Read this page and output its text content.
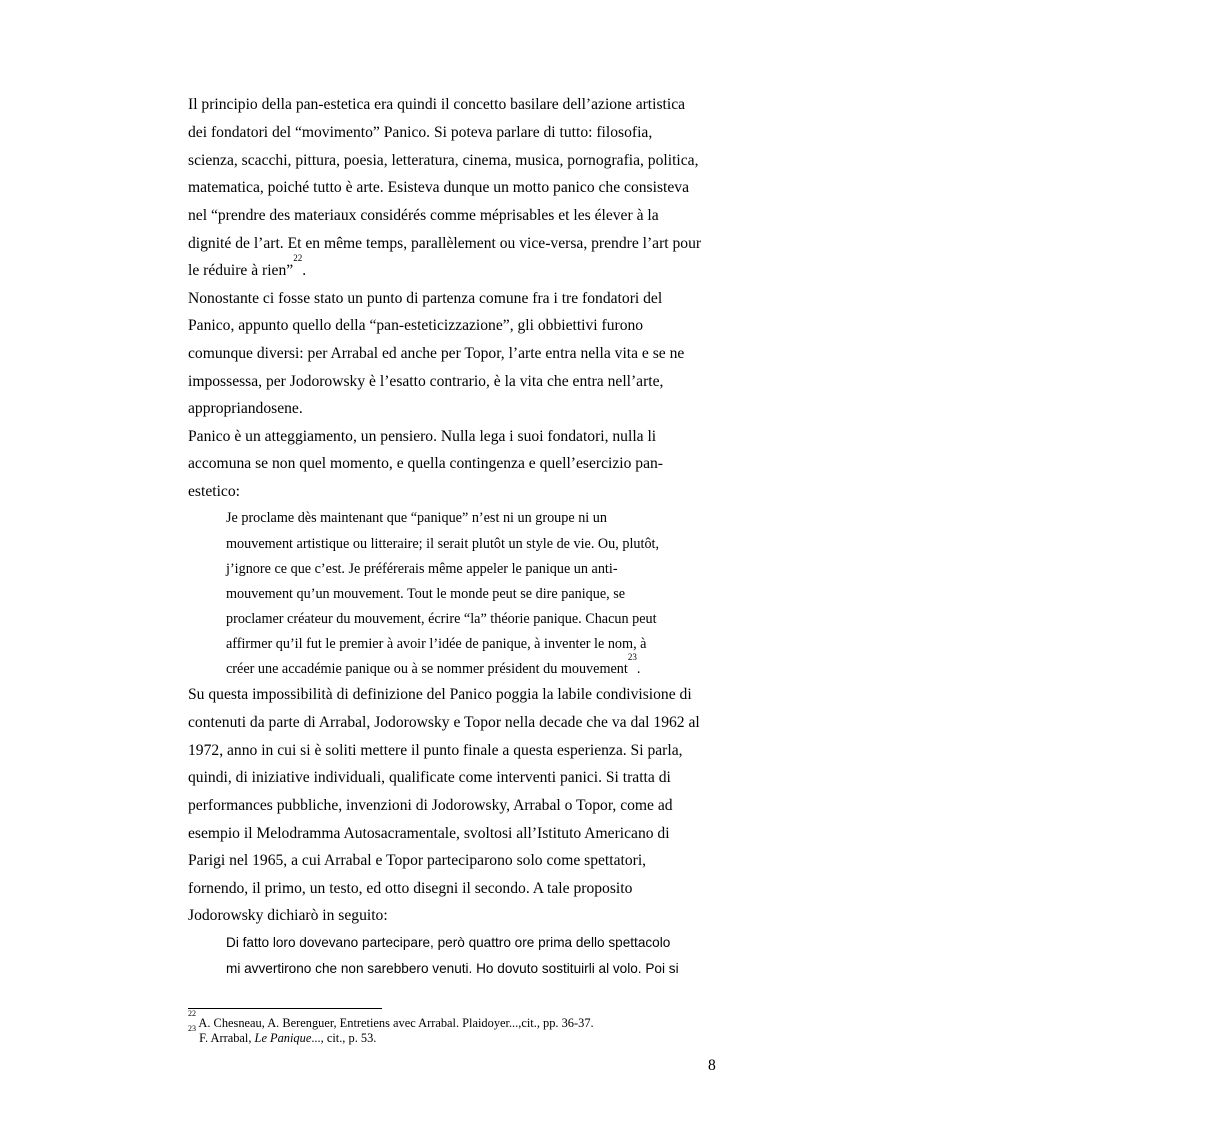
Il principio della pan-estetica era quindi il concetto basilare dell’azione artistica
dei fondatori del “movimento” Panico. Si poteva parlare di tutto: filosofia,
scienza, scacchi, pittura, poesia, letteratura, cinema, musica, pornografia, politica,
matematica, poiché tutto è arte. Esisteva dunque un motto panico che consisteva
nel “prendre des materiaux considérés comme méprisables et les élever à la
dignité de l’art. Et en même temps, parallèlement ou vice-versa, prendre l’art pour
le réduire à rien”$^{22}$.
Nonostante ci fosse stato un punto di partenza comune fra i tre fondatori del
Panico, appunto quello della “pan-esteticizzazione”, gli obbiettivi furono
comunque diversi: per Arrabal ed anche per Topor, l’arte entra nella vita e se ne
impossessa, per Jodorowsky è l’esatto contrario, è la vita che entra nell’arte,
appropriandosene.
Panico è un atteggiamento, un pensiero. Nulla lega i suoi fondatori, nulla li
accomuna se non quel momento, e quella contingenza e quell’esercizio pan-
estetico:
Je proclame dès maintenant que “panique” n’est ni un groupe ni un
mouvement artistique ou litteraire; il serait plutôt un style de vie. Ou, plutôt,
j’ignore ce que c’est. Je préférerais même appeler le panique un anti-
mouvement qu’un mouvement. Tout le monde peut se dire panique, se
proclamer créateur du mouvement, écrire “la” théorie panique. Chacun peut
affirmer qu’il fut le premier à avoir l’idée de panique, à inventer le nom, à
créer une accadémie panique ou à se nommer président du mouvement$^{23}$.
Su questa impossibilità di definizione del Panico poggia la labile condivisione di
contenuti da parte di Arrabal, Jodorowsky e Topor nella decade che va dal 1962 al
1972, anno in cui si è soliti mettere il punto finale a questa esperienza. Si parla,
quindi, di iniziative individuali, qualificate come interventi panici. Si tratta di
performances pubbliche, invenzioni di Jodorowsky, Arrabal o Topor, come ad
esempio il Melodramma Autosacramentale, svoltosi all’Istituto Americano di
Parigi nel 1965, a cui Arrabal e Topor parteciparono solo come spettatori,
fornendo, il primo, un testo, ed otto disegni il secondo. A tale proposito
Jodorowsky dichiarò in seguito:
Di fatto loro dovevano partecipare, però quattro ore prima dello spettacolo
mi avvertirono che non sarebbero venuti. Ho dovuto sostituirli al volo. Poi si
$^{22}$ A. Chesneau, A. Berenguer, Entretiens avec Arrabal. Plaidoyer...,cit., pp. 36-37.
$^{23}$ F. Arrabal, Le Panique..., cit., p. 53.
8
